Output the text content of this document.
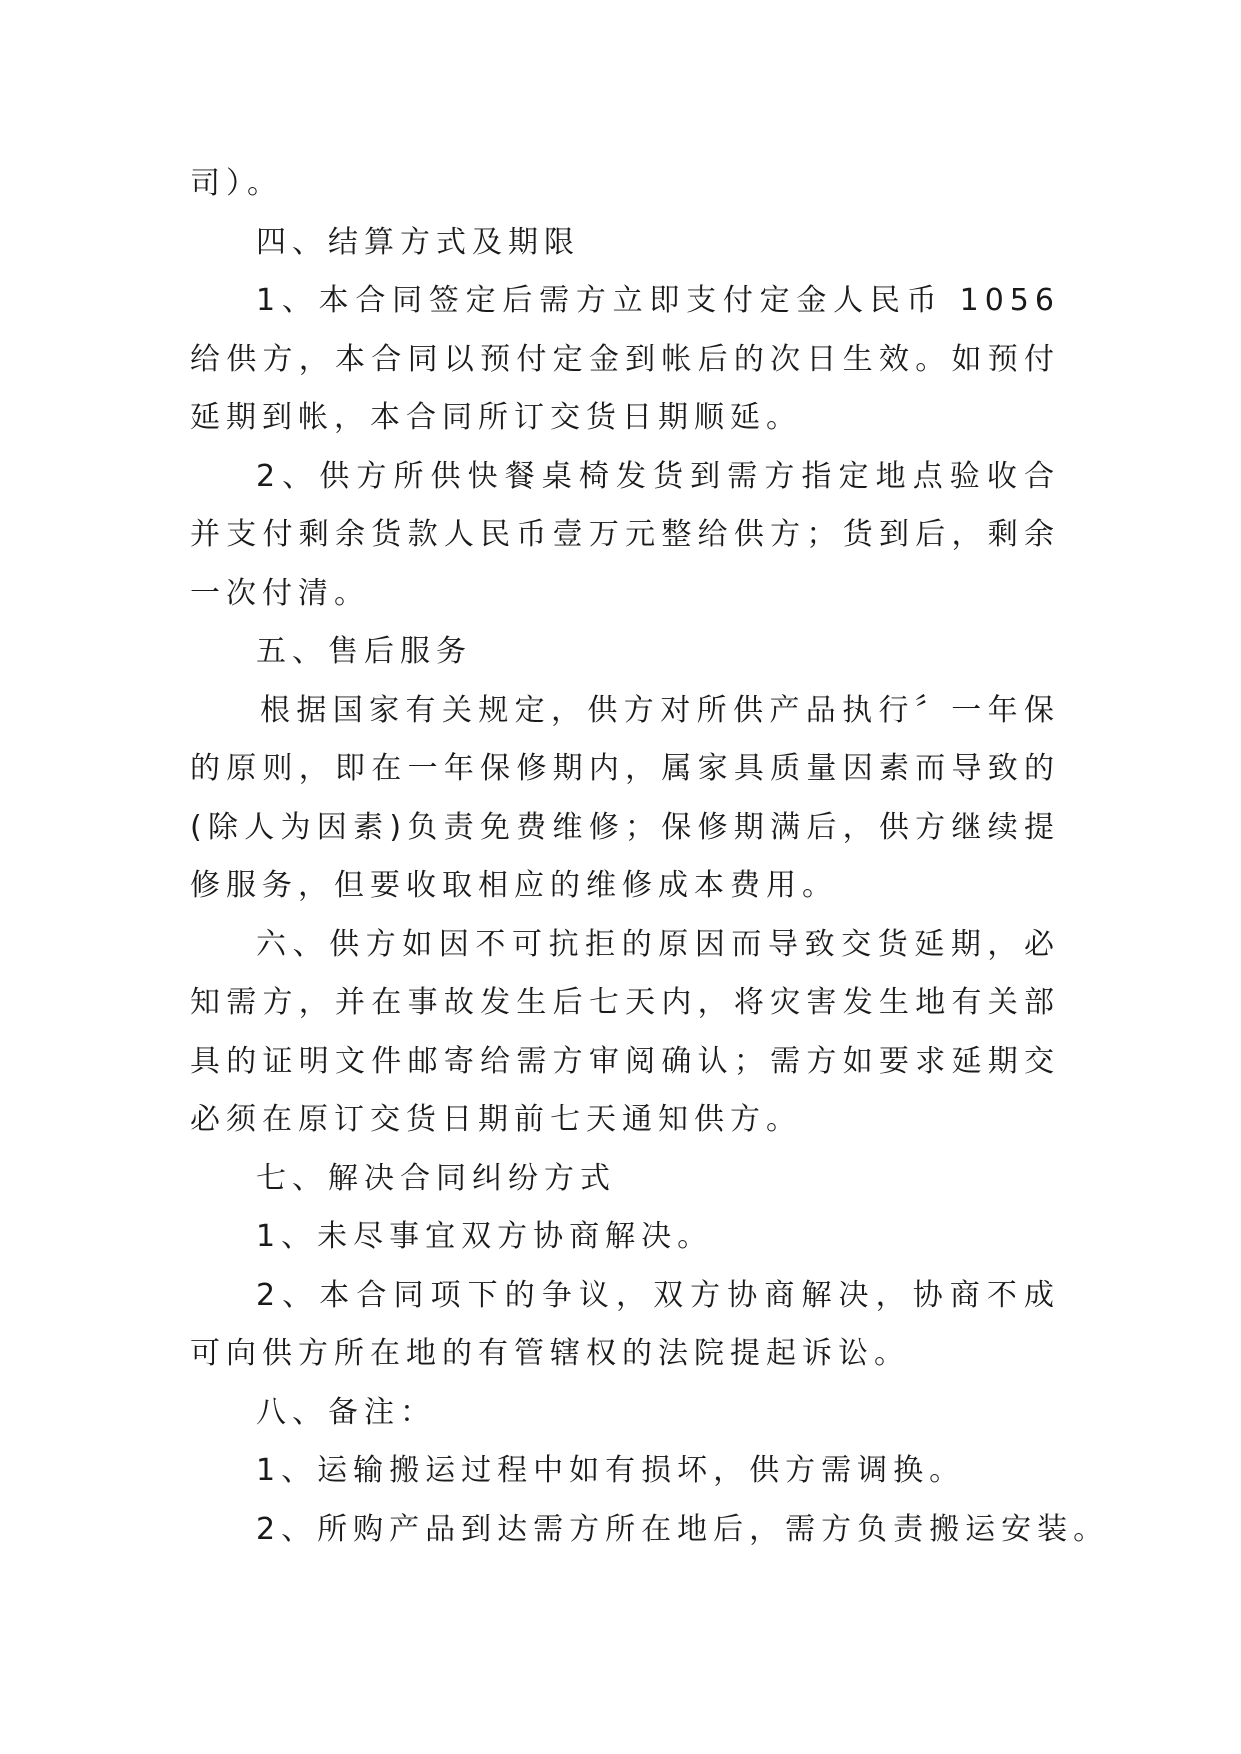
司）。
四、结算方式及期限
1、本合同签定后需方立即支付定金人民币 1056
给供方，本合同以预付定金到帐后的次日生效。如预付
延期到帐，本合同所订交货日期顺延。
2、供方所供快餐桌椅发货到需方指定地点验收合
并支付剩余货款人民币壹万元整给供方；货到后，剩余
一次付清。
五、售后服务
根据国家有关规定，供方对所供产品执行〞一年保
的原则，即在一年保修期内，属家具质量因素而导致的
(除人为因素)负责免费维修；保修期满后，供方继续提
修服务，但要收取相应的维修成本费用。
六、供方如因不可抗拒的原因而导致交货延期，必
知需方，并在事故发生后七天内，将灾害发生地有关部
具的证明文件邮寄给需方审阅确认；需方如要求延期交
必须在原订交货日期前七天通知供方。
七、解决合同纠纷方式
1、未尽事宜双方协商解决。
2、本合同项下的争议，双方协商解决，协商不成
可向供方所在地的有管辖权的法院提起诉讼。
八、备注：
1、运输搬运过程中如有损坏，供方需调换。
2、所购产品到达需方所在地后，需方负责搬运安装。
